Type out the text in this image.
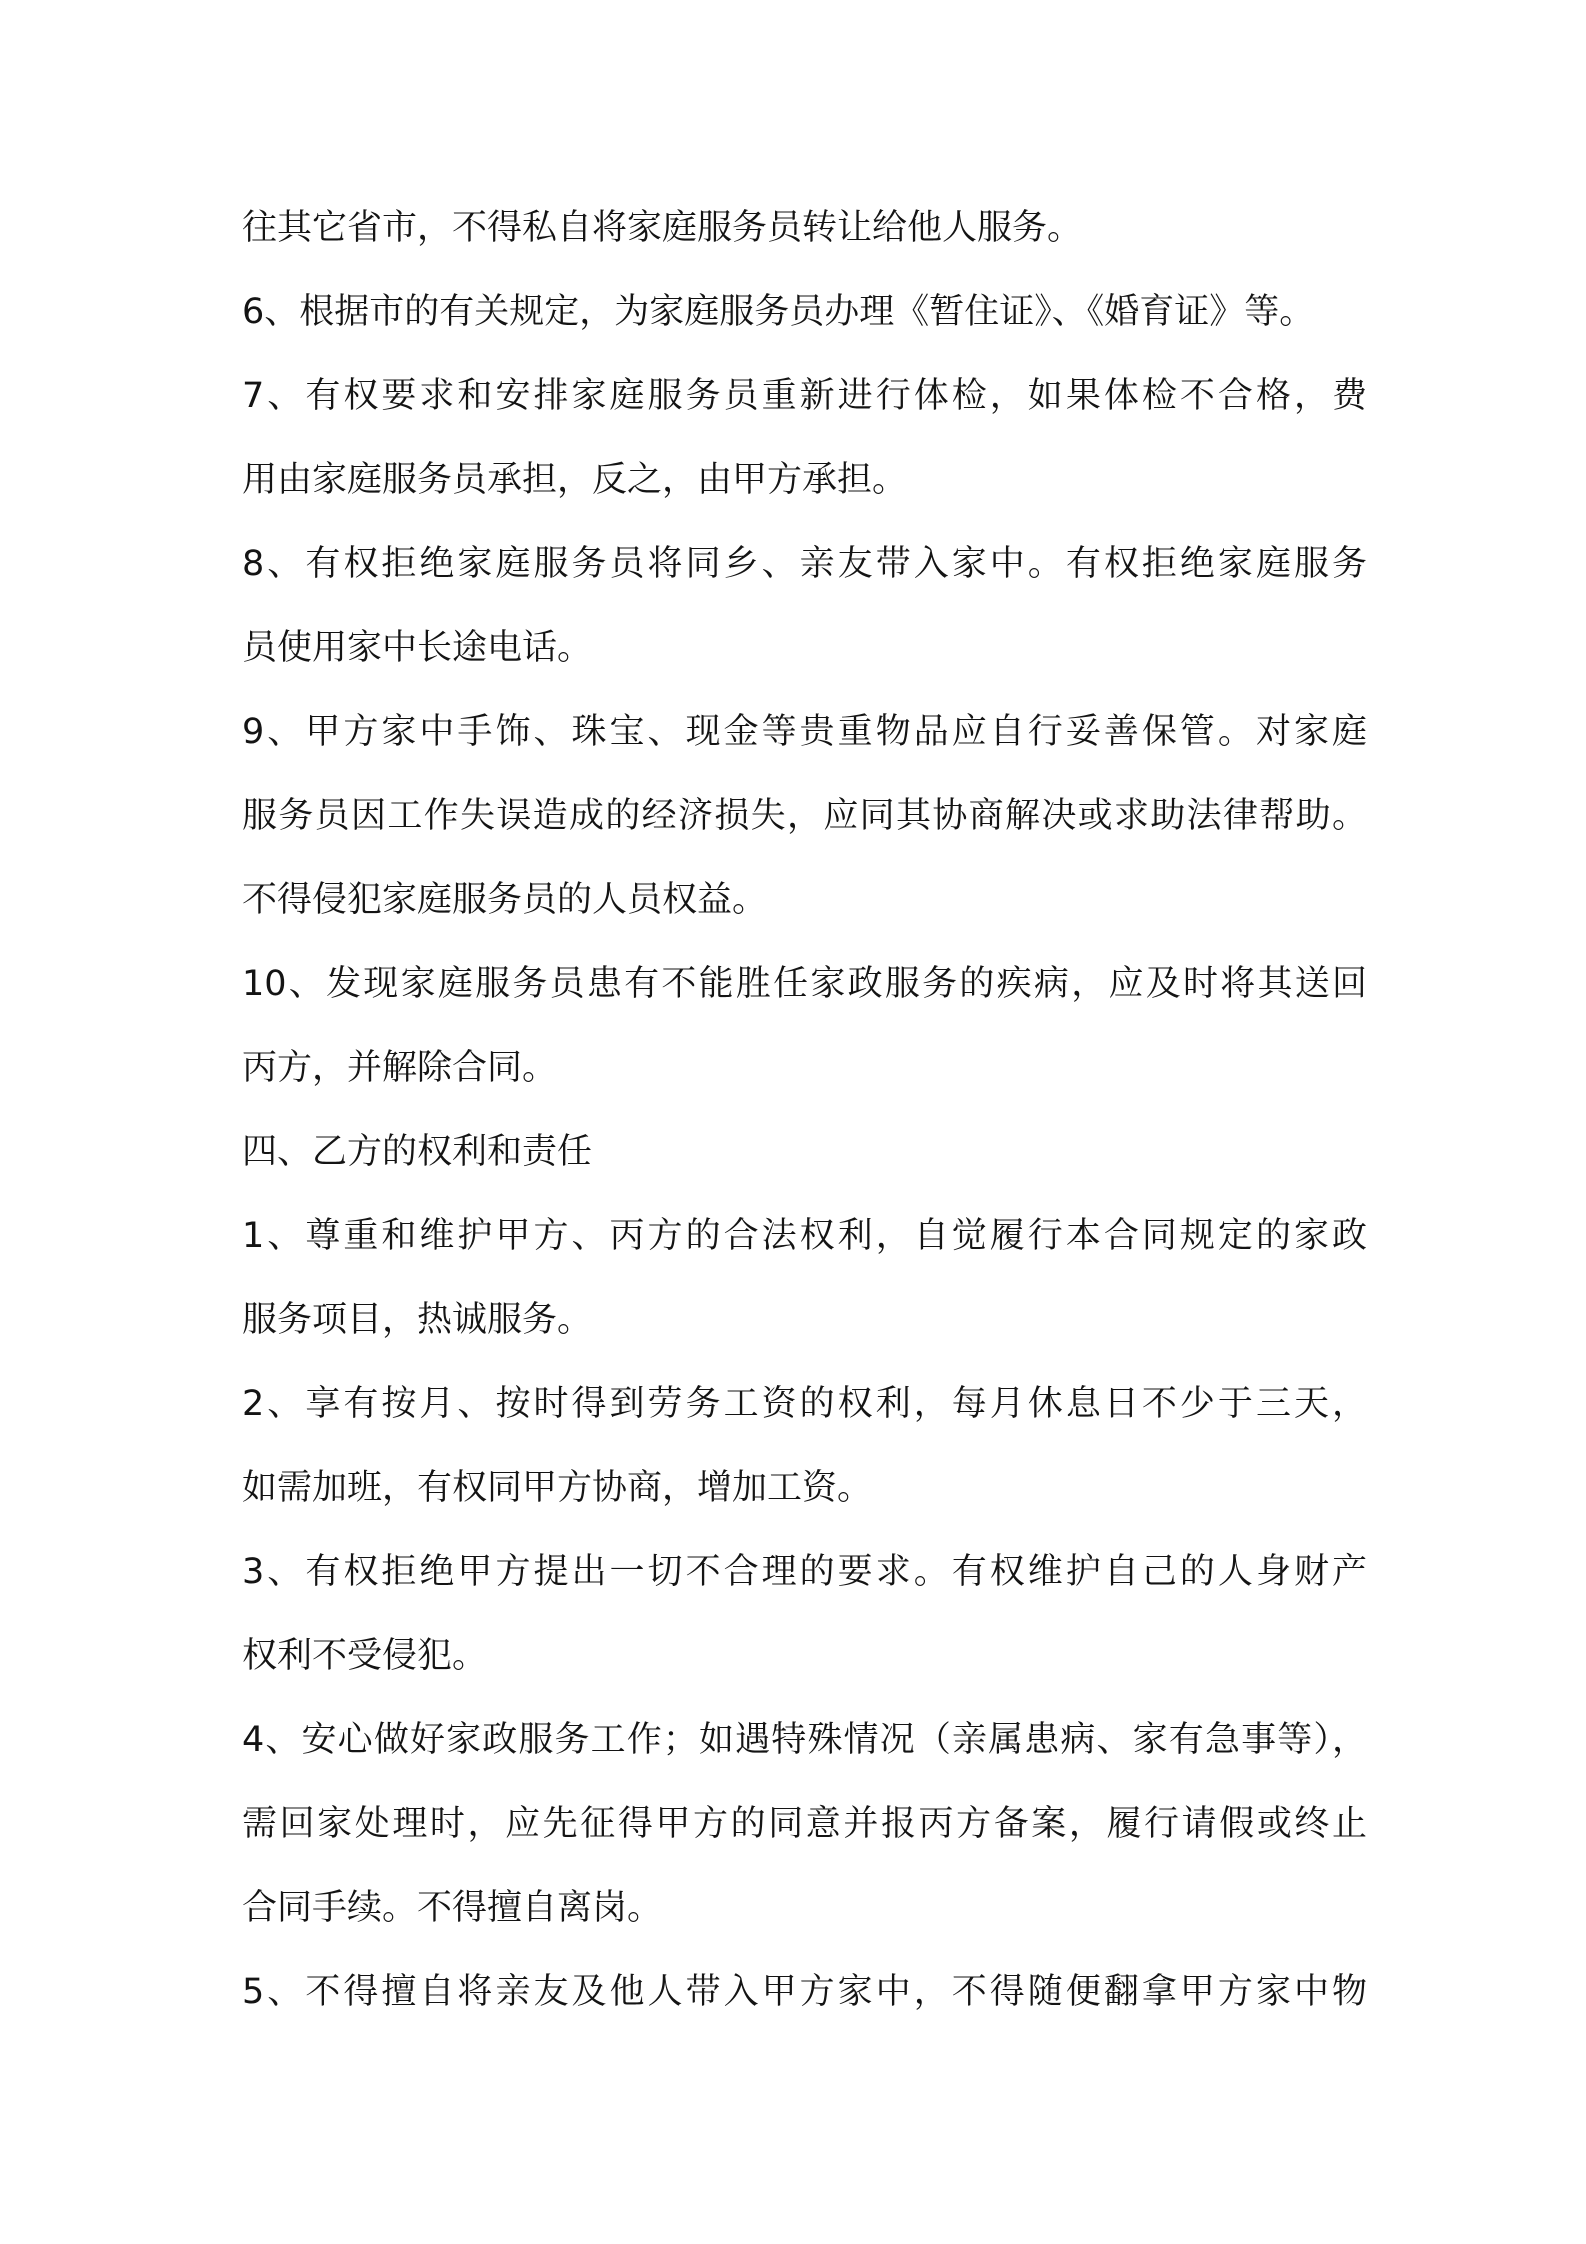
往其它省市，不得私自将家庭服务员转让给他人服务。
6、根据市的有关规定，为家庭服务员办理《暂住证》、《婚育证》等。
7、有权要求和安排家庭服务员重新进行体检，如果体检不合格，费
用由家庭服务员承担，反之，由甲方承担。
8、有权拒绝家庭服务员将同乡、亲友带入家中。有权拒绝家庭服务
员使用家中长途电话。
9、甲方家中手饰、珠宝、现金等贵重物品应自行妥善保管。对家庭
服务员因工作失误造成的经济损失，应同其协商解决或求助法律帮助。
不得侵犯家庭服务员的人员权益。
10、发现家庭服务员患有不能胜任家政服务的疾病，应及时将其送回
丙方，并解除合同。
四、乙方的权利和责任
1、尊重和维护甲方、丙方的合法权利，自觉履行本合同规定的家政
服务项目，热诚服务。
2、享有按月、按时得到劳务工资的权利，每月休息日不少于三天，
如需加班，有权同甲方协商，增加工资。
3、有权拒绝甲方提出一切不合理的要求。有权维护自己的人身财产
权利不受侵犯。
4、安心做好家政服务工作；如遇特殊情况（亲属患病、家有急事等），
需回家处理时，应先征得甲方的同意并报丙方备案，履行请假或终止
合同手续。不得擅自离岗。
5、不得擅自将亲友及他人带入甲方家中，不得随便翻拿甲方家中物
